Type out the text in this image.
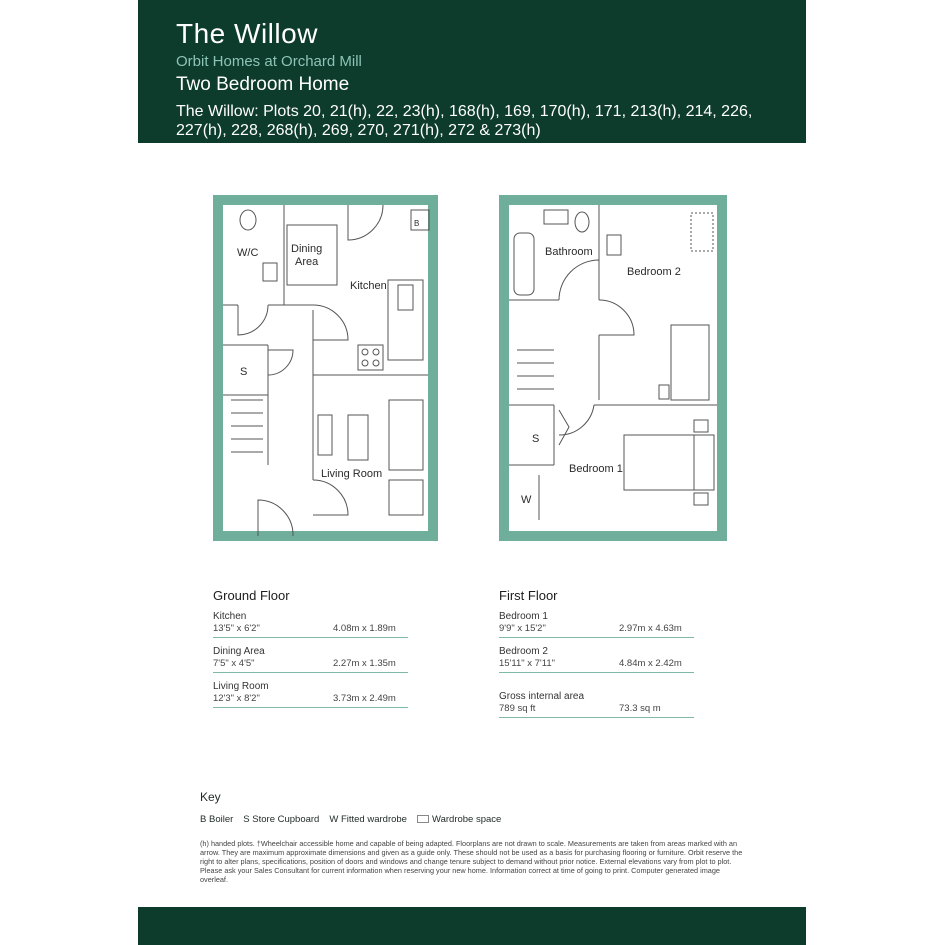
The Willow
Orbit Homes at Orchard Mill
Two Bedroom Home
The Willow: Plots 20, 21(h), 22, 23(h), 168(h), 169, 170(h), 171, 213(h), 214, 226, 227(h), 228, 268(h), 269, 270, 271(h), 272 & 273(h)
W/C	Dining
Area
Kitchen
S
B
Living Room
Bathroom
Bedroom 2
Bedroom 1
S
W
Ground Floor
Kitchen
13'5" x 6'2"	4.08m x 1.89m
Dining Area
7'5" x 4'5"	2.27m x 1.35m
Living Room
12'3" x 8'2"	3.73m x 2.49m
First Floor
Bedroom 1
9'9" x 15'2"	2.97m x 4.63m
Bedroom 2
15'11" x 7'11"	4.84m x 2.42m
Gross internal area
789 sq ft	73.3 sq m
Key
B Boiler S Store Cupboard W Fitted wardrobe	Wardrobe space
(h) handed plots. †Wheelchair accessible home and capable of being adapted. Floorplans are not drawn to scale. Measurements are taken from areas marked with an arrow. They are maximum approximate dimensions and given as a guide only. These should not be used as a basis for purchasing flooring or furniture. Orbit reserve the right to alter plans, specifications, position of doors and windows and change tenure subject to demand without prior notice. External elevations vary from plot to plot. Please ask your Sales Consultant for current information when reserving your new home. Information correct at time of going to print. Computer generated image overleaf.
